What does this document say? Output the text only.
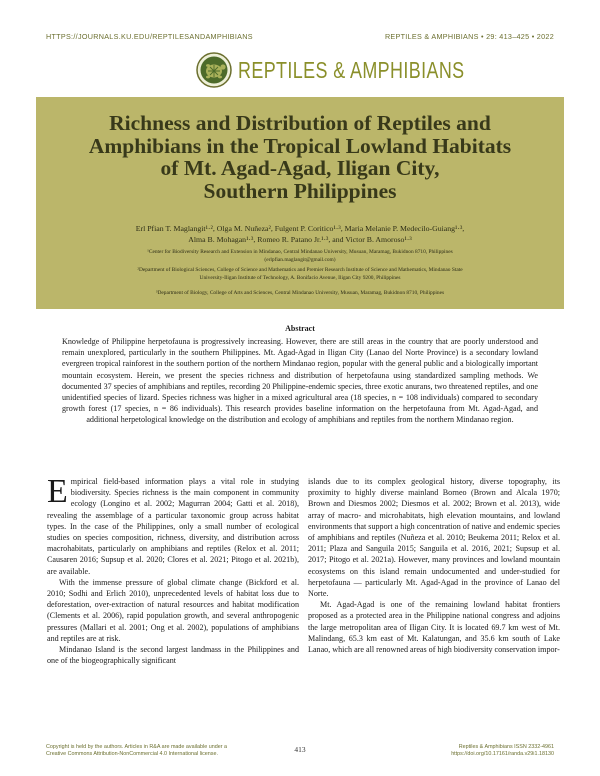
HTTPS://JOURNALS.KU.EDU/REPTILESANDAMPHIBIANS	REPTILES & AMPHIBIANS • 29: 413–425 • 2022
REPTILES & AMPHIBIANS
Richness and Distribution of Reptiles and
Amphibians in the Tropical Lowland Habitats
of Mt. Agad-Agad, Iligan City,
Southern Philippines
Erl Pfian T. Maglangit¹·², Olga M. Nuñeza², Fulgent P. Coritico¹·³, Maria Melanie P. Medecilo-Guiang¹·³,
Alma B. Mohagan¹·³, Romeo R. Patano Jr.¹·³, and Victor B. Amoroso¹·³
¹Center for Biodiversity Research and Extension in Mindanao, Central Mindanao University, Musuan, Maramag, Bukidnon 8710, Philippines
(erlpfian.maglangit@gmail.com)
²Department of Biological Sciences, College of Science and Mathematics and Premier Research Institute of Science and Mathematics, Mindanao State
University-Iligan Institute of Technology, A. Bonifacio Avenue, Iligan City 9200, Philippines
³Department of Biology, College of Arts and Sciences, Central Mindanao University, Musuan, Maramag, Bukidnon 8710, Philippines
Abstract
Knowledge of Philippine herpetofauna is progressively increasing. However, there are still areas in the country that are poorly understood and remain unexplored, particularly in the southern Philippines. Mt. Agad-Agad in Iligan City (Lanao del Norte Province) is a secondary lowland evergreen tropical rainforest in the southern portion of the northern Mindanao region, popular with the general public and a biologically important mountain ecosystem. Herein, we present the species richness and distribution of herpetofauna using standardized sampling methods. We documented 37 species of amphibians and reptiles, recording 20 Philippine-endemic species, three exotic anurans, two threatened reptiles, and one unidentified species of lizard. Species richness was higher in a mixed agricultural area (18 species, n = 108 individuals) compared to secondary growth forest (17 species, n = 86 individuals). This research provides baseline information on the herpetofauna from Mt. Agad-Agad, and additional herpetological knowledge on the distribution and ecology of amphibians and reptiles from the northern Mindanao region.

Empirical field-based information plays a vital role in studying biodiversity. Species richness is the main component in community ecology (Longino et al. 2002; Magurran 2004; Gatti et al. 2018), revealing the assemblage of a particular taxonomic group across habitat types. In the case of the Philippines, only a small number of ecological studies on species composition, richness, diversity, and distribution across macrohabitats, particularly on amphibians and reptiles (Relox et al. 2011; Causaren 2016; Supsup et al. 2020; Clores et al. 2021; Pitogo et al. 2021b), are available.

With the immense pressure of global climate change (Bickford et al. 2010; Sodhi and Erlich 2010), unprecedented levels of habitat loss due to deforestation, over-extraction of natural resources and habitat modification (Clements et al. 2006), rapid population growth, and several anthropogenic pressures (Mallari et al. 2001; Ong et al. 2002), populations of amphibians and reptiles are at risk.

Mindanao Island is the second largest landmass in the Philippines and one of the biogeographically significant

islands due to its complex geological history, diverse topography, its proximity to highly diverse mainland Borneo (Brown and Alcala 1970; Brown and Diesmos 2002; Diesmos et al. 2002; Brown et al. 2013), wide array of macro- and microhabitats, high elevation mountains, and lowland environments that support a high concentration of native and endemic species of amphibians and reptiles (Nuñeza et al. 2010; Beukema 2011; Relox et al. 2011; Plaza and Sanguila 2015; Sanguila et al. 2016, 2021; Supsup et al. 2017; Pitogo et al. 2021a). However, many provinces and lowland mountain ecosystems on this island remain undocumented and under-studied for herpetofauna — particularly Mt. Agad-Agad in the province of Lanao del Norte.

Mt. Agad-Agad is one of the remaining lowland habitat frontiers proposed as a protected area in the Philippine national congress and adjoins the large metropolitan area of Iligan City. It is located 69.7 km west of Mt. Malindang, 65.3 km east of Mt. Kalatungan, and 35.6 km south of Lake Lanao, which are all renowned areas of high biodiversity conservation impor-

Copyright is held by the authors. Articles in R&A are made available under a
Creative Commons Attribution-NonCommercial 4.0 International license.	413	Reptiles & Amphibians ISSN 2332-4961
https://doi.org/10.17161/randa.v29i1.18130
